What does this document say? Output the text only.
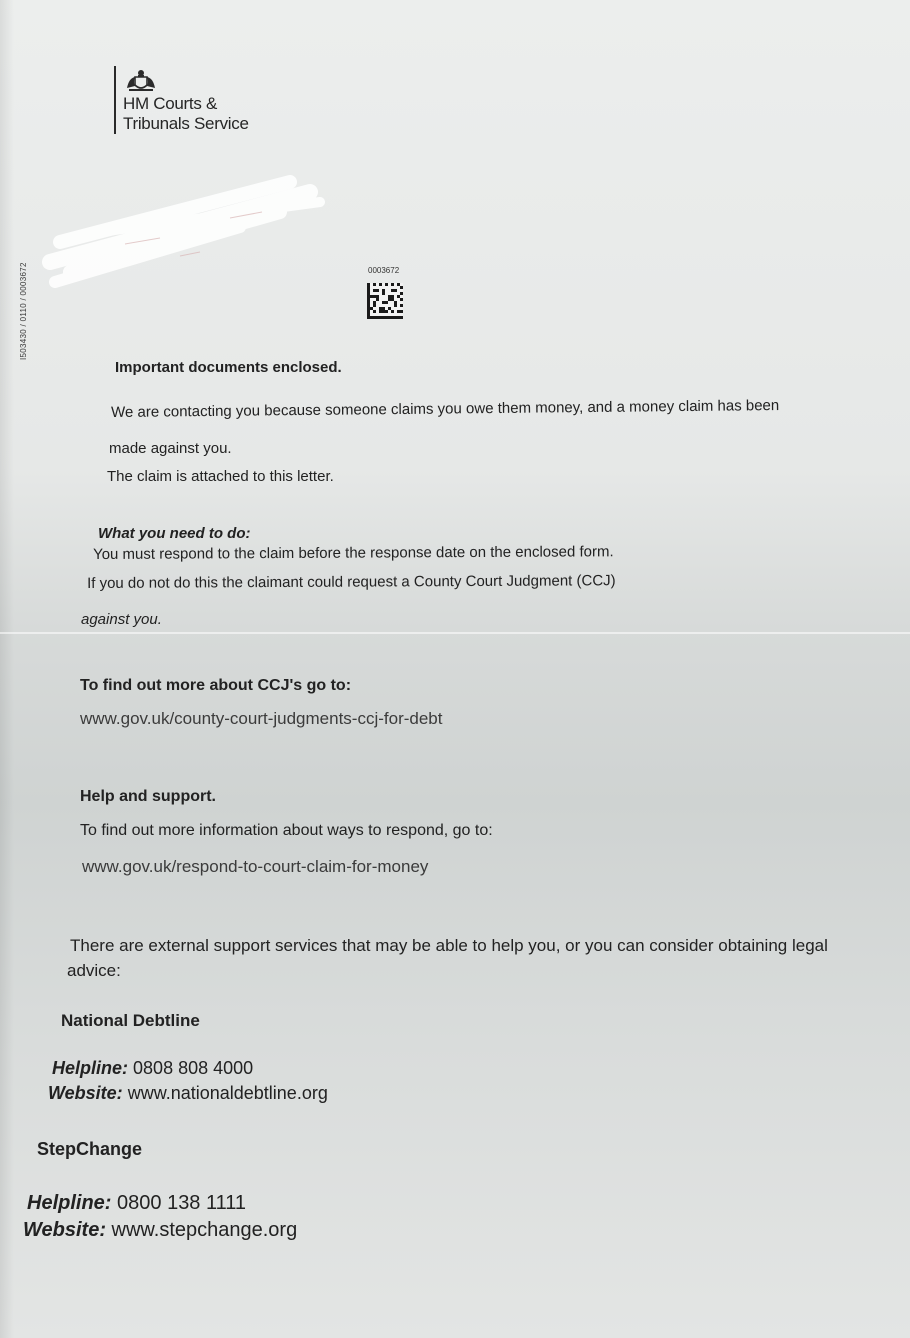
HM Courts &
Tribunals Service
I503430 / 0110 / 0003672	0003672
Important documents enclosed.
We are contacting you because someone claims you owe them money, and a money claim has been
made against you.
The claim is attached to this letter.
What you need to do:
You must respond to the claim before the response date on the enclosed form.
If you do not do this the claimant could request a County Court Judgment (CCJ)
against you.
To find out more about CCJ's go to:
www.gov.uk/county-court-judgments-ccj-for-debt
Help and support.
To find out more information about ways to respond, go to:
www.gov.uk/respond-to-court-claim-for-money
There are external support services that may be able to help you, or you can consider obtaining legal
advice:
National Debtline
Helpline: 0808 808 4000
Website: www.nationaldebtline.org
StepChange
Helpline: 0800 138 1111
Website: www.stepchange.org
